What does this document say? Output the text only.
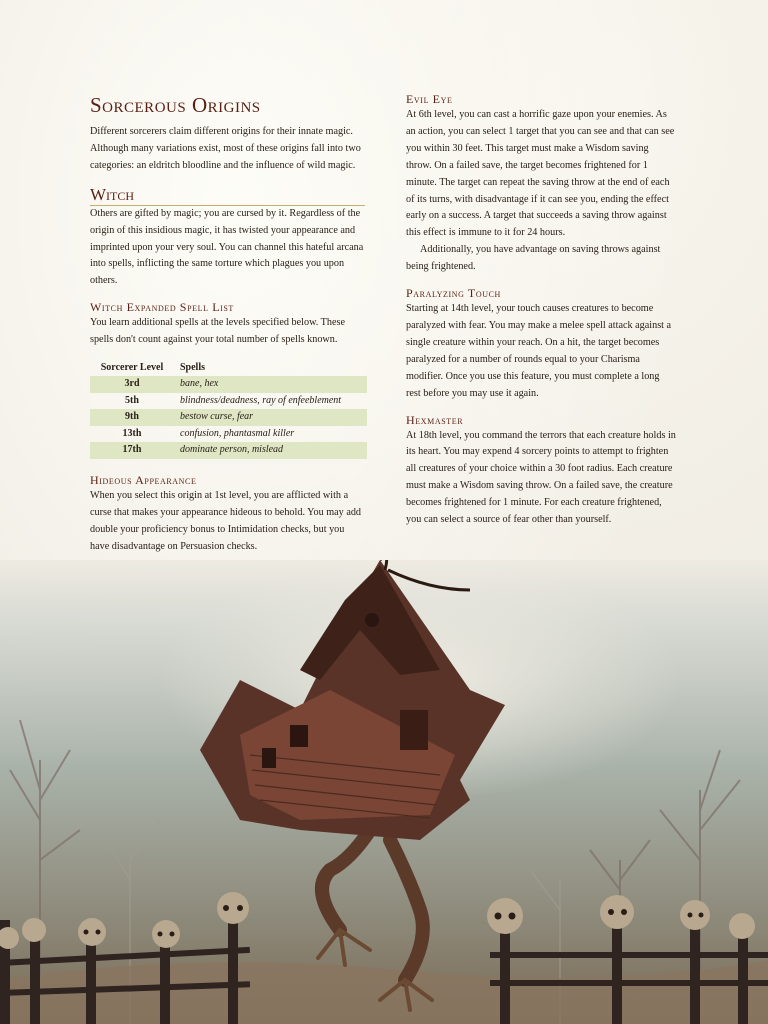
Sorcerous Origins

Different sorcerers claim different origins for their innate magic. Although many variations exist, most of these origins fall into two categories: an eldritch bloodline and the influence of wild magic.

Witch

Others are gifted by magic; you are cursed by it. Regardless of the origin of this insidious magic, it has twisted your appearance and imprinted upon your very soul. You can channel this hateful arcana into spells, inflicting the same torture which plagues you upon others.

Witch Expanded Spell List

You learn additional spells at the levels specified below. These spells don't count against your total number of spells known.

Sorcerer Level	Spells
3rd	bane, hex
5th	blindness/deadness, ray of enfeeblement
9th	bestow curse, fear
13th	confusion, phantasmal killer
17th	dominate person, mislead
Hideous Appearance

When you select this origin at 1st level, you are afflicted with a curse that makes your appearance hideous to behold. You may add double your proficiency bonus to Intimidation checks, but you have disadvantage on Persuasion checks.

Evil Eye

At 6th level, you can cast a horrific gaze upon your enemies. As an action, you can select 1 target that you can see and that can see you within 30 feet. This target must make a Wisdom saving throw. On a failed save, the target becomes frightened for 1 minute. The target can repeat the saving throw at the end of each of its turns, with disadvantage if it can see you, ending the effect early on a success. A target that succeeds a saving throw against this effect is immune to it for 24 hours.

Additionally, you have advantage on saving throws against being frightened.

Paralyzing Touch

Starting at 14th level, your touch causes creatures to become paralyzed with fear. You may make a melee spell attack against a single creature within your reach. On a hit, the target becomes paralyzed for a number of rounds equal to your Charisma modifier. Once you use this feature, you must complete a long rest before you may use it again.

Hexmaster

At 18th level, you command the terrors that each creature holds in its heart. You may expend 4 sorcery points to attempt to frighten all creatures of your choice within a 30 foot radius. Each creature must make a Wisdom saving throw. On a failed save, the creature becomes frightened for 1 minute. For each creature frightened, you can select a source of fear other than yourself.
